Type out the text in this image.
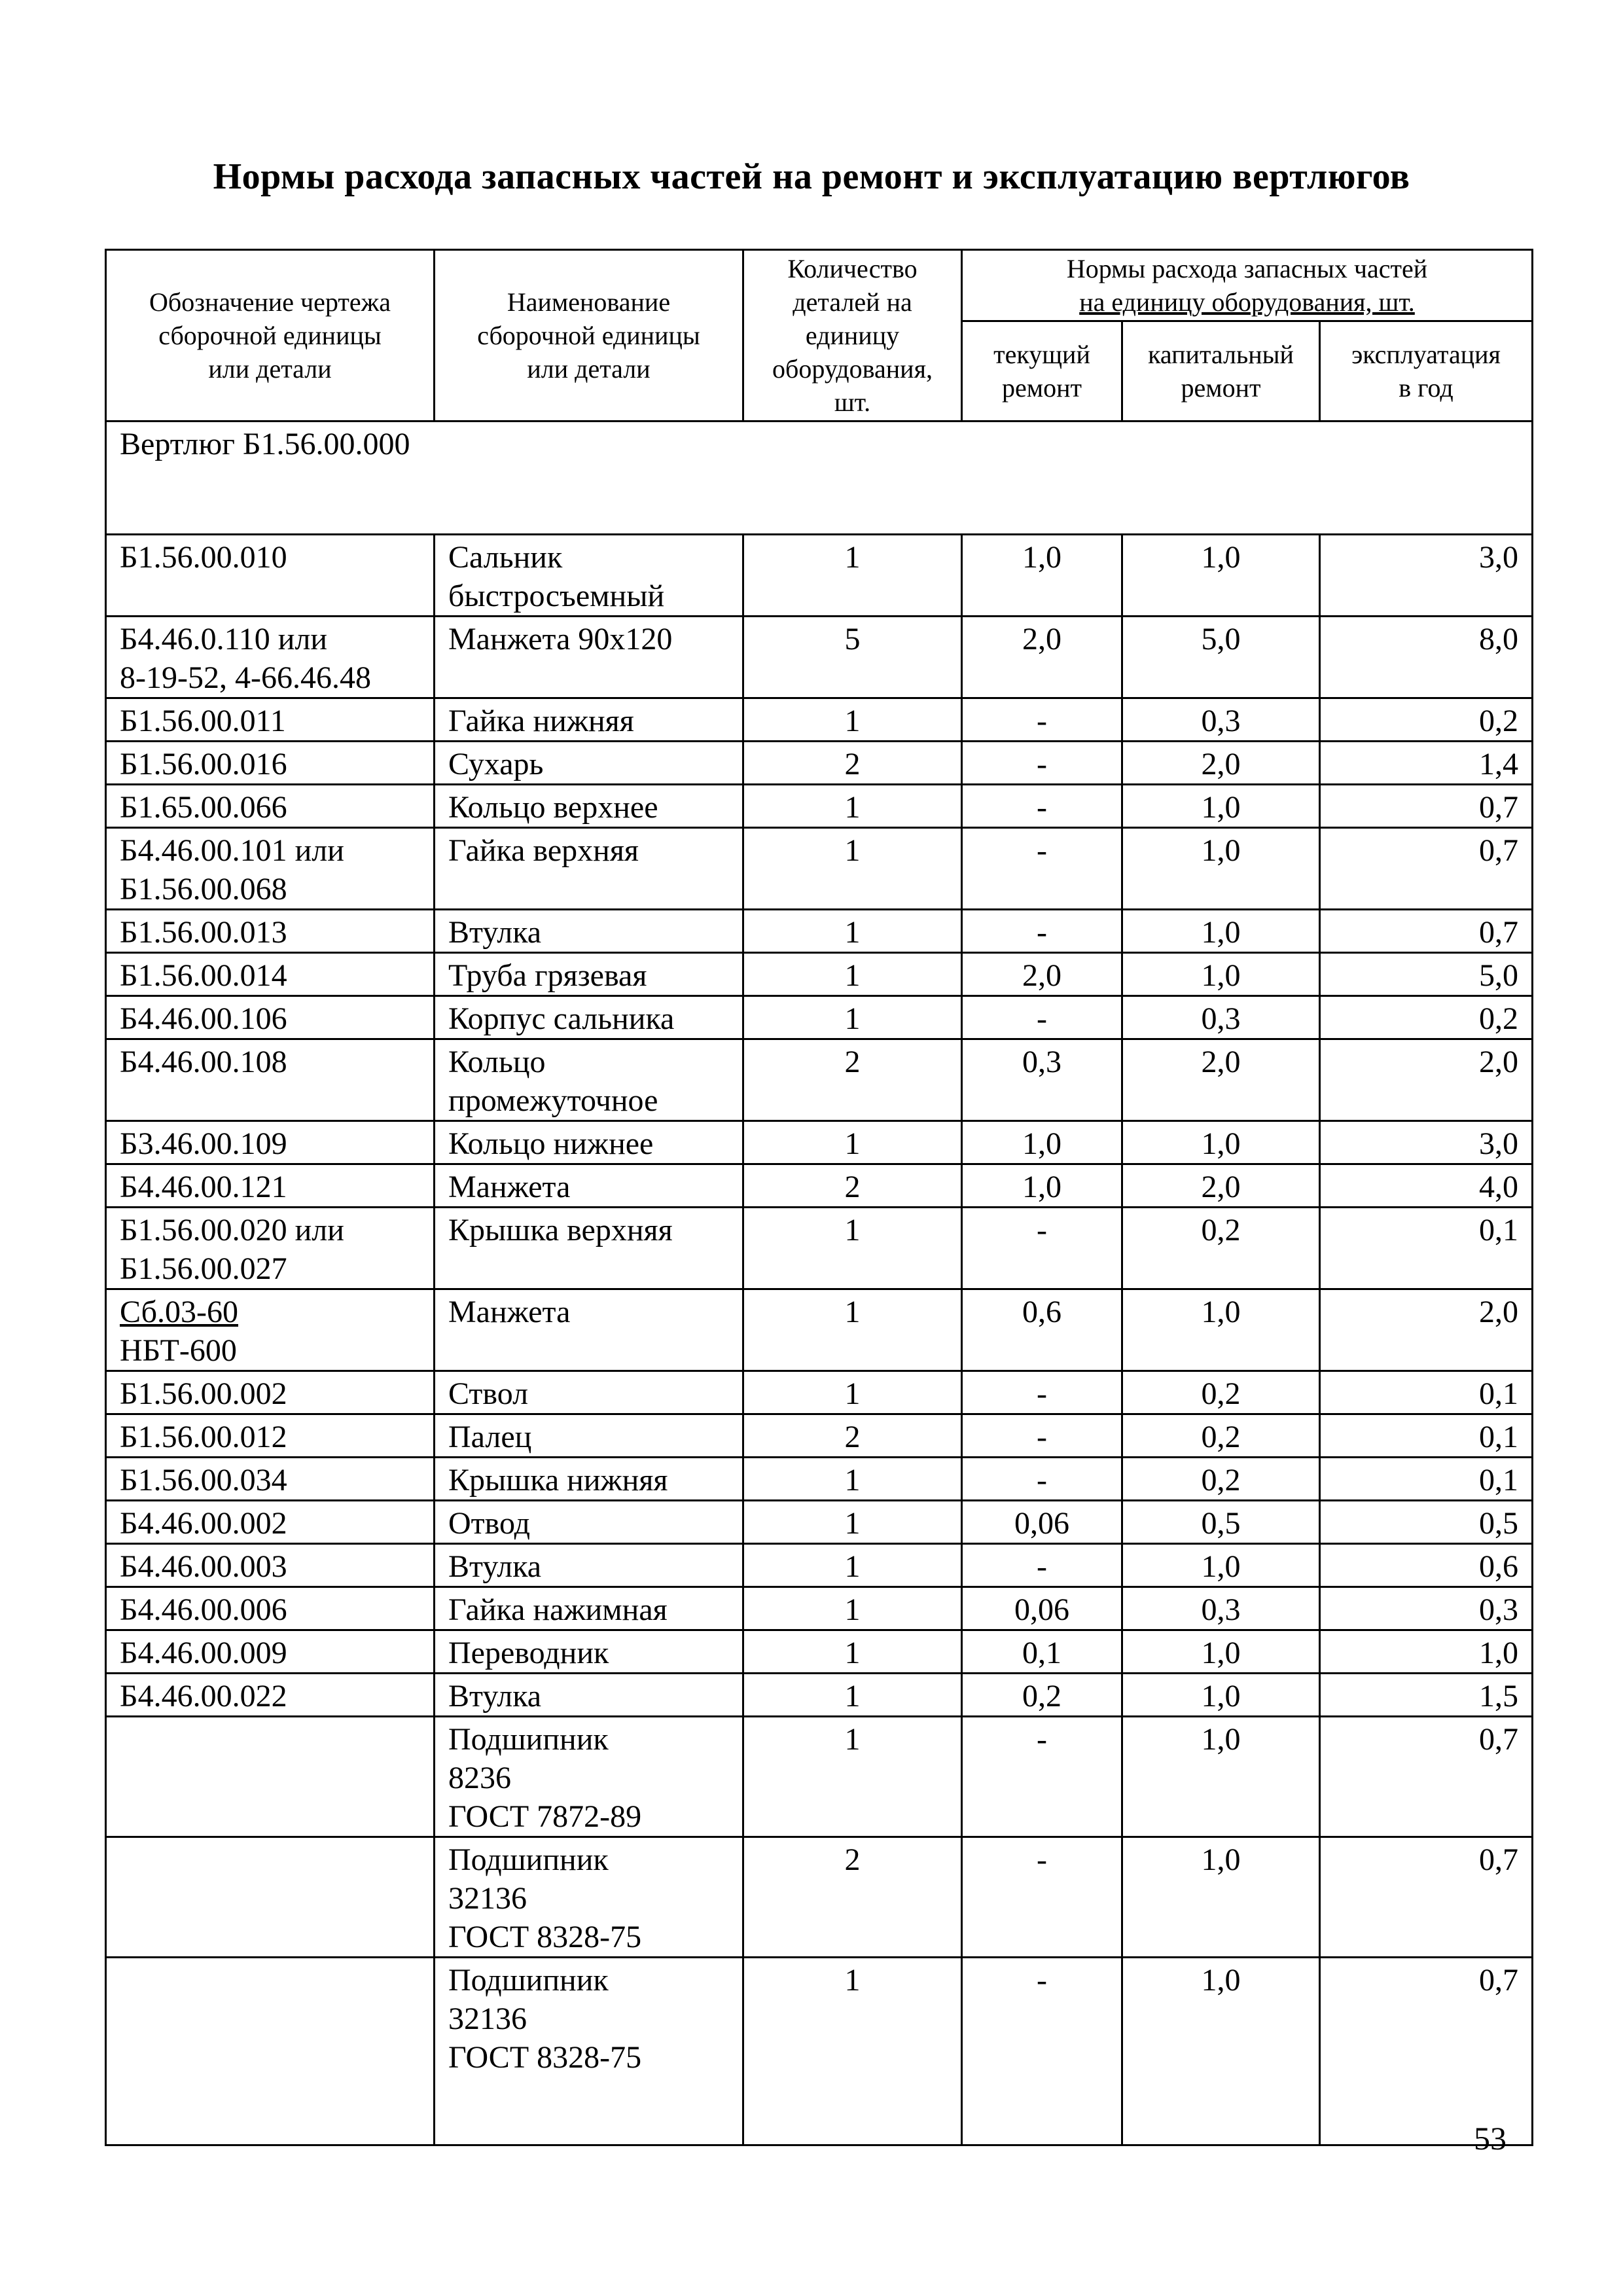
Нормы расхода запасных частей на ремонт и эксплуатацию вертлюгов
Обозначение чертежа
сборочной единицы
или детали	Наименование
сборочной единицы
или детали	Количество
деталей на
единицу
оборудования,
шт.	Нормы расхода запасных частей

на единицу оборудования, шт.		

			текущий
ремонт	капитальный
ремонт	эксплуатация
в год
Вертлюг Б1.56.00.000					
Б1.56.00.010	Сальник
быстросъемный	1	1,0	1,0	3,0
Б4.46.0.110 или
8-19-52, 4-66.46.48	Манжета 90х120	5	2,0	5,0	8,0
Б1.56.00.011	Гайка нижняя	1	-	0,3	0,2
Б1.56.00.016	Сухарь	2	-	2,0	1,4
Б1.65.00.066	Кольцо верхнее	1	-	1,0	0,7
Б4.46.00.101 или
Б1.56.00.068	Гайка верхняя	1	-	1,0	0,7
Б1.56.00.013	Втулка	1	-	1,0	0,7
Б1.56.00.014	Труба грязевая	1	2,0	1,0	5,0
Б4.46.00.106	Корпус сальника	1	-	0,3	0,2
Б4.46.00.108	Кольцо
промежуточное	2	0,3	2,0	2,0
Б3.46.00.109	Кольцо нижнее	1	1,0	1,0	3,0
Б4.46.00.121	Манжета	2	1,0	2,0	4,0
Б1.56.00.020 или
Б1.56.00.027	Крышка верхняя	1	-	0,2	0,1
Сб.03-60
НБТ-600	Манжета	1	0,6	1,0	2,0
Б1.56.00.002	Ствол	1	-	0,2	0,1
Б1.56.00.012	Палец	2	-	0,2	0,1
Б1.56.00.034	Крышка нижняя	1	-	0,2	0,1
Б4.46.00.002	Отвод	1	0,06	0,5	0,5
Б4.46.00.003	Втулка	1	-	1,0	0,6
Б4.46.00.006	Гайка нажимная	1	0,06	0,3	0,3
Б4.46.00.009	Переводник	1	0,1	1,0	1,0
Б4.46.00.022	Втулка	1	0,2	1,0	1,5
	Подшипник
8236
ГОСТ 7872-89	1	-	1,0	0,7
	Подшипник
32136
ГОСТ 8328-75	2	-	1,0	0,7
	Подшипник
32136
ГОСТ 8328-75	1	-	1,0	0,7
53
